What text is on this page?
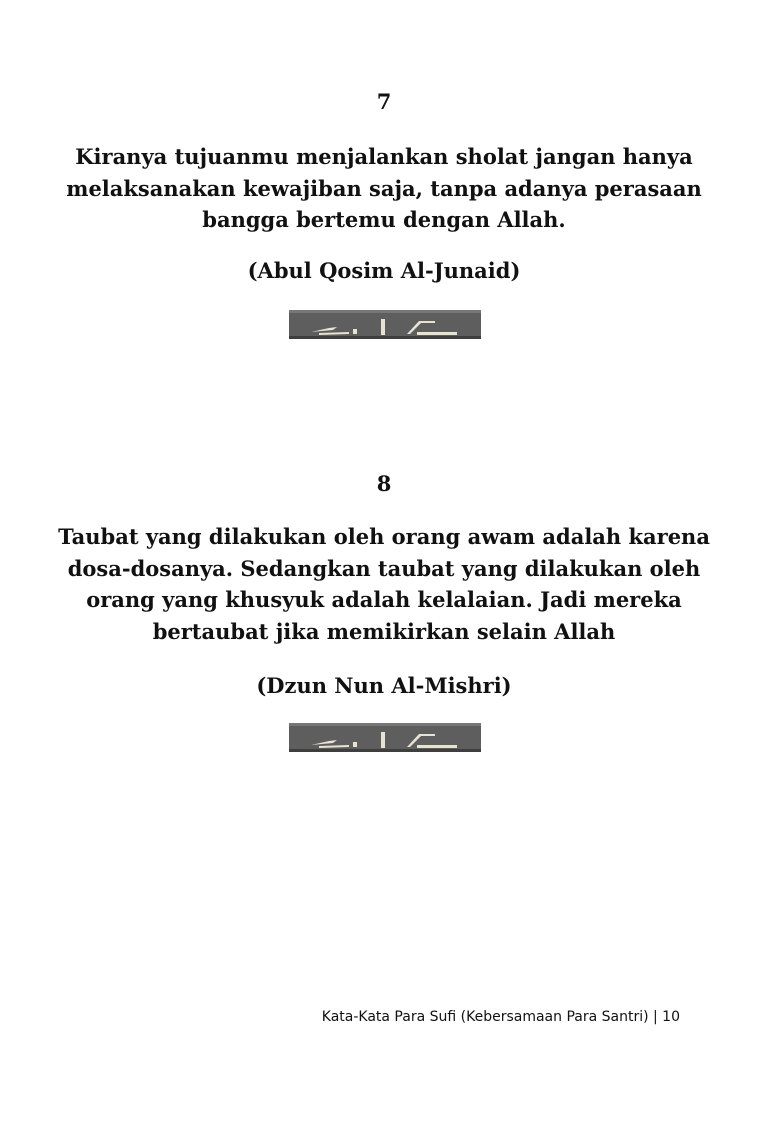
7
Kiranya tujuanmu menjalankan sholat jangan hanya
melaksanakan kewajiban saja, tanpa adanya perasaan
bangga bertemu dengan Allah.
(Abul Qosim Al-Junaid)
8
Taubat yang dilakukan oleh orang awam adalah karena
dosa-dosanya. Sedangkan taubat yang dilakukan oleh
orang yang khusyuk adalah kelalaian. Jadi mereka
bertaubat jika memikirkan selain Allah
(Dzun Nun Al-Mishri)
Kata-Kata Para Sufi (Kebersamaan Para Santri) | 10
